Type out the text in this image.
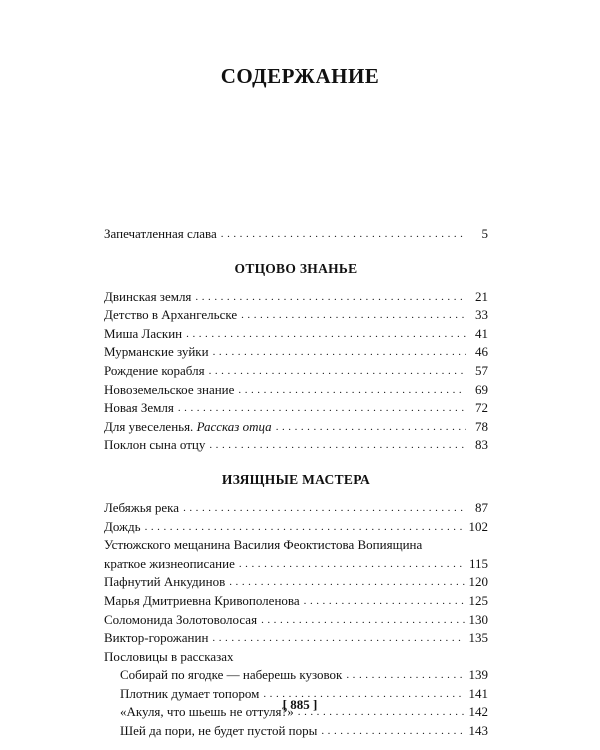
СОДЕРЖАНИЕ
Запечатленная слава . . .	5
ОТЦОВО ЗНАНЬЕ
Двинская земля . . .	21
Детство в Архангельске . . .	33
Миша Ласкин . . .	41
Мурманские зуйки . . .	46
Рождение корабля . . .	57
Новоземельское знание . . .	69
Новая Земля . . .	72
Для увеселенья. Рассказ отца . . .	78
Поклон сына отцу . . .	83
ИЗЯЩНЫЕ МАСТЕРА
Лебяжья река . . .	87
Дождь . . .	102
Устюжского мещанина Василия Феоктистова Вопиящина
краткое жизнеописание . . .	115
Пафнутий Анкудинов . . .	120
Марья Дмитриевна Кривополенова . . .	125
Соломонида Золотоволосая . . .	130
Виктор-горожанин . . .	135
Пословицы в рассказах
Собирай по ягодке — наберешь кузовок . . .	139
Плотник думает топором . . .	141
«Акуля, что шьешь не оттуля?» . . .	142
Шей да пори, не будет пустой поры . . .	143
[ 885 ]
